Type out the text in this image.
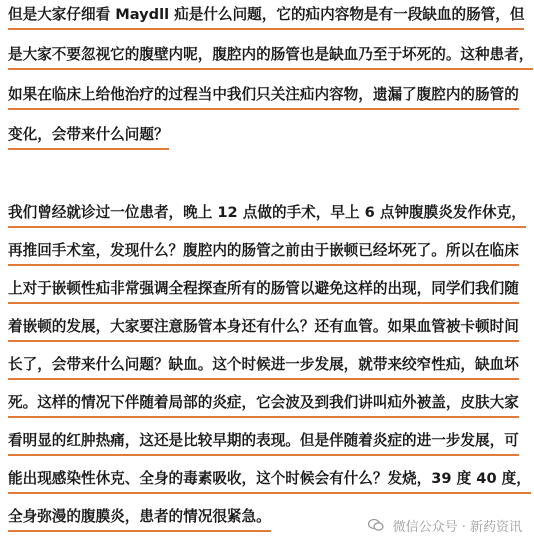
但是大家仔细看 Maydll 疝是什么问题，它的疝内容物是有一段缺血的肠管，但
是大家不要忽视它的腹壁内呢，腹腔内的肠管也是缺血乃至于坏死的。这种患者，
如果在临床上给他治疗的过程当中我们只关注疝内容物，遗漏了腹腔内的肠管的
变化，会带来什么问题？
我们曾经就诊过一位患者，晚上 12 点做的手术，早上 6 点钟腹膜炎发作休克，
再推回手术室，发现什么？腹腔内的肠管之前由于嵌顿已经坏死了。所以在临床
上对于嵌顿性疝非常强调全程探查所有的肠管以避免这样的出现，同学们我们随
着嵌顿的发展，大家要注意肠管本身还有什么？还有血管。如果血管被卡顿时间
长了，会带来什么问题？缺血。这个时候进一步发展，就带来绞窄性疝，缺血坏
死。这样的情况下伴随着局部的炎症，它会波及到我们讲叫疝外被盖，皮肤大家
看明显的红肿热痛，这还是比较早期的表现。但是伴随着炎症的进一步发展，可
能出现感染性休克、全身的毒素吸收，这个时候会有什么？发烧，39 度 40 度，
全身弥漫的腹膜炎，患者的情况很紧急。
微信公众号 · 新药资讯
